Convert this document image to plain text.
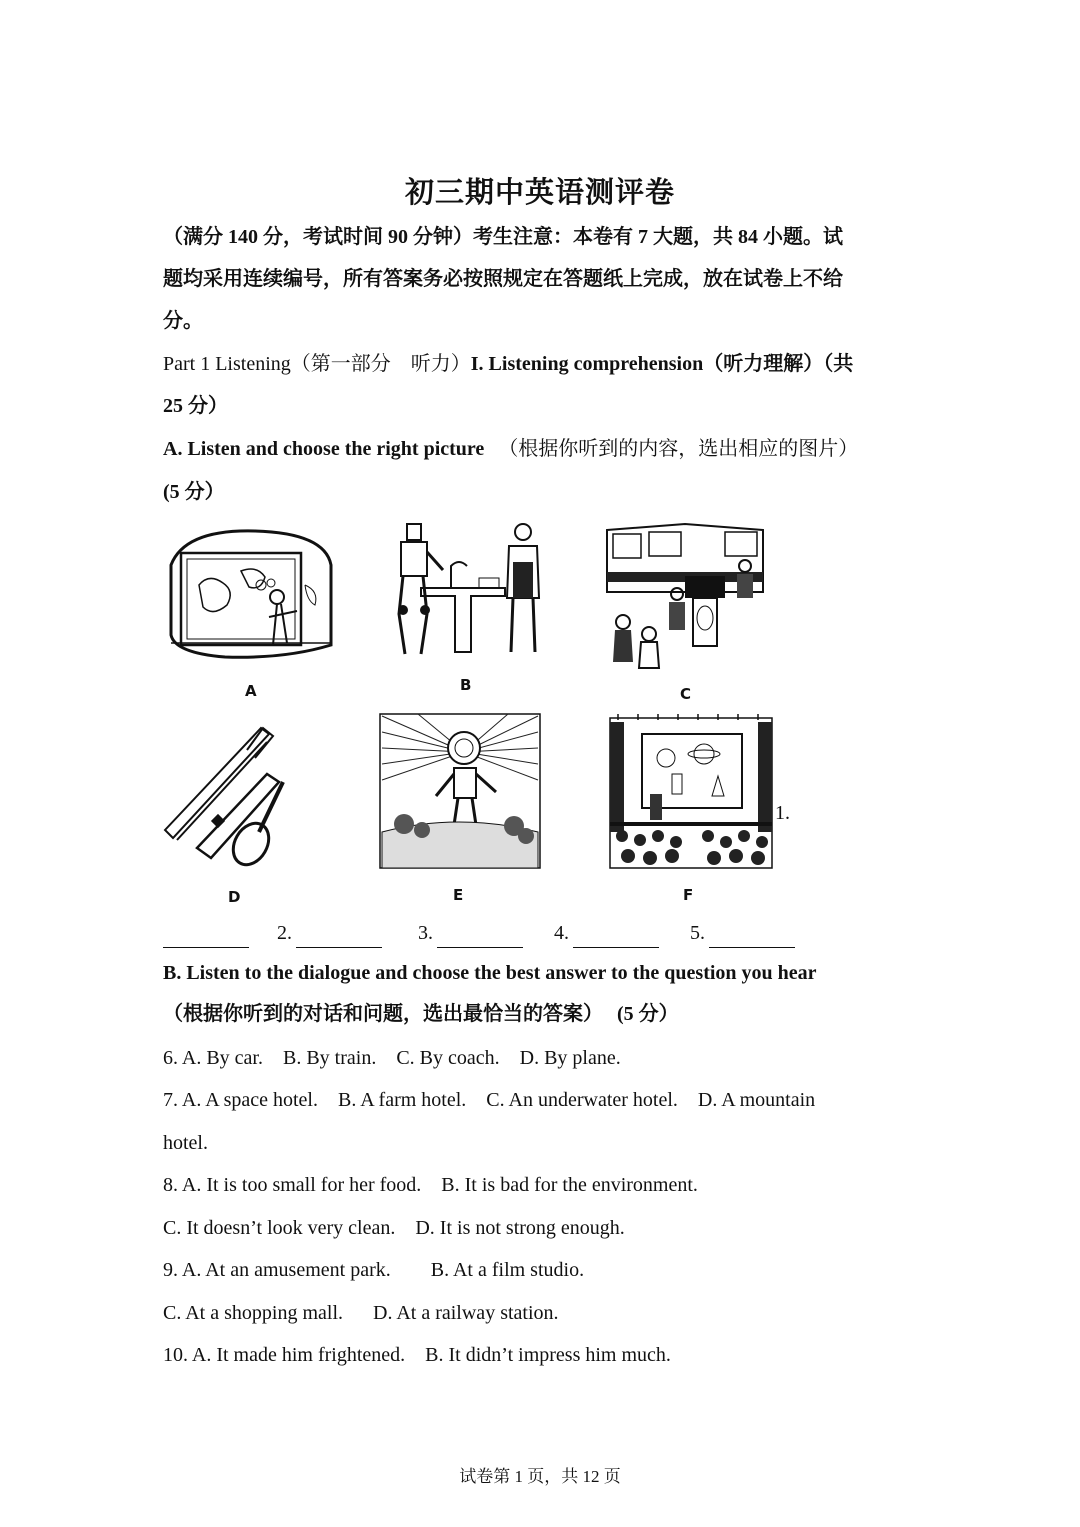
初三期中英语测评卷
（满分 140 分，考试时间 90 分钟）考生注意：本卷有 7 大题，共 84 小题。试
题均采用连续编号，所有答案务必按照规定在答题纸上完成，放在试卷上不给
分。
Part 1 Listening（第一部分　听力）I. Listening comprehension（听力理解）（共
25 分）
A. Listen and choose the right picture （根据你听到的内容，选出相应的图片）
(5 分）
A	B	C
D	E	F
1.
2.	3.	4.	5.
B. Listen to the dialogue and choose the best answer to the question you hear
（根据你听到的对话和问题，选出最恰当的答案） (5 分）
6. A. By car.    B. By train.    C. By coach.    D. By plane.
7. A. A space hotel.    B. A farm hotel.    C. An underwater hotel.    D. A mountain
hotel.
8. A. It is too small for her food.    B. It is bad for the environment.
C. It doesn’t look very clean.    D. It is not strong enough.
9. A. At an amusement park.        B. At a film studio.
C. At a shopping mall.      D. At a railway station.
10. A. It made him frightened.    B. It didn’t impress him much.
试卷第 1 页，共 12 页
